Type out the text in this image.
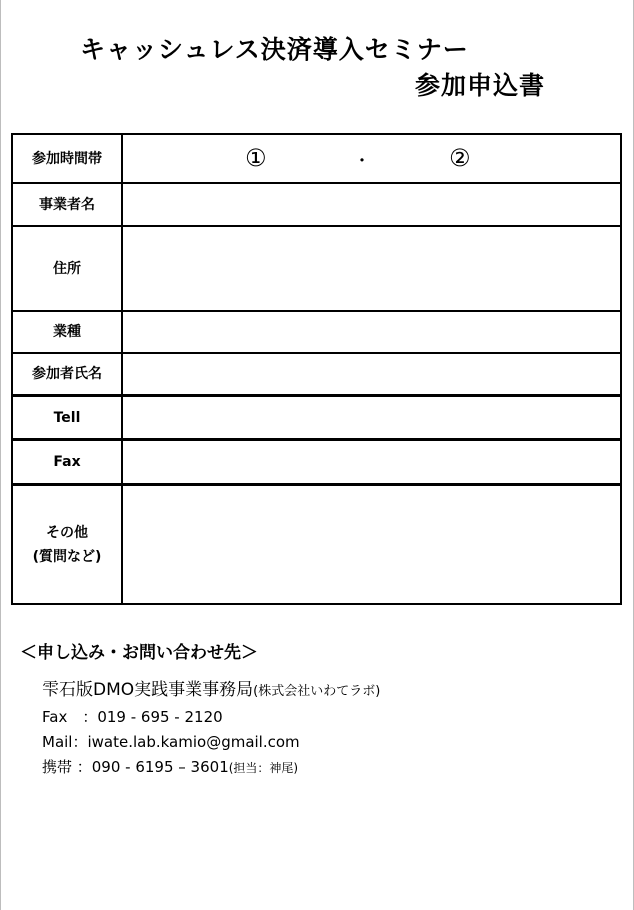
キャッシュレス決済導入セミナー
参加申込書
参加時間帯	① ・ ②

事業者名	
住所	
業種	
参加者氏名	
Tell	
Fax	

その他
(質問など)	

＜申し込み・お問い合わせ先＞
雫石版DMO実践事業事務局(株式会社いわてラボ)
Fax　：019 - 695 - 2120
Mail：iwate.lab.kamio@gmail.com
携帯 ：090 - 6195 – 3601(担当：神尾)
